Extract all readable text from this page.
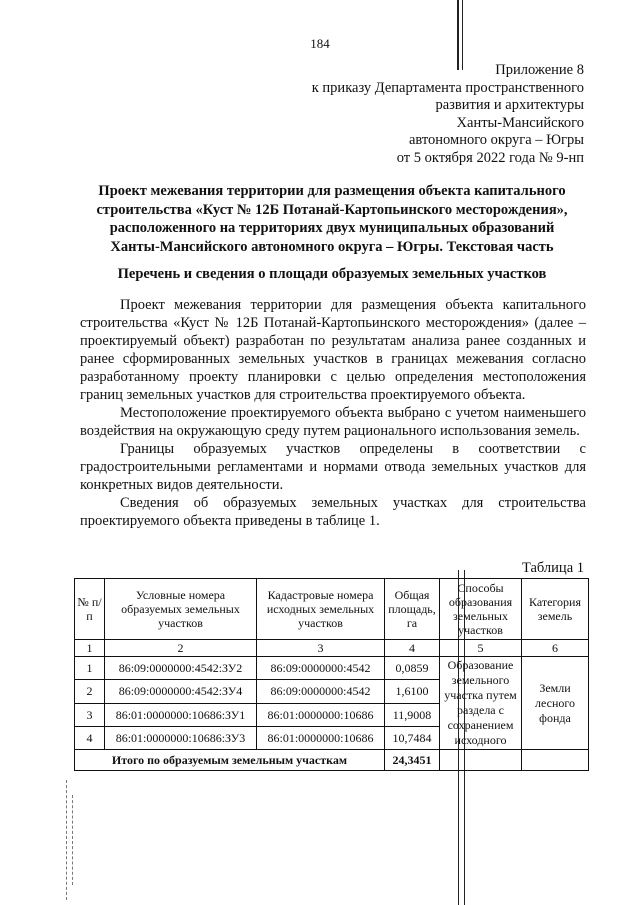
184
Приложение 8
к приказу Департамента пространственного
развития и архитектуры
Ханты-Мансийского
автономного округа – Югры
от 5 октября 2022 года № 9-нп
Проект межевания территории для размещения объекта капитального
строительства «Куст № 12Б Потанай-Картопьинского месторождения»,
расположенного на территориях двух муниципальных образований
Ханты-Мансийского автономного округа – Югры. Текстовая часть
Перечень и сведения о площади образуемых земельных участков

Проект межевания территории для размещения объекта капитального строительства «Куст № 12Б Потанай-Картопьинского месторождения» (далее – проектируемый объект) разработан по результатам анализа ранее созданных и ранее сформированных земельных участков в границах межевания согласно разработанному проекту планировки с целью определения местоположения границ земельных участков для строительства проектируемого объекта.

Местоположение проектируемого объекта выбрано с учетом наименьшего воздействия на окружающую среду путем рационального использования земель.

Границы образуемых участков определены в соответствии с градостроительными регламентами и нормами отвода земельных участков для конкретных видов деятельности.

Сведения об образуемых земельных участках для строительства проектируемого объекта приведены в таблице 1.

Таблица 1
№ п/п	Условные номера образуемых земельных участков	Кадастровые номера исходных земельных участков	Общая площадь, га	Способы образования земельных участков	Категория земель
1	2	3	4	5	6
1	86:09:0000000:4542:ЗУ2	86:09:0000000:4542	0,0859	Образование земельного участка путем раздела с сохранением исходного	Земли лесного фонда
2	86:09:0000000:4542:ЗУ4	86:09:0000000:4542	1,6100		
3	86:01:0000000:10686:ЗУ1	86:01:0000000:10686	11,9008		
4	86:01:0000000:10686:ЗУ3	86:01:0000000:10686	10,7484		
Итого по образуемым земельным участкам			24,3451		
